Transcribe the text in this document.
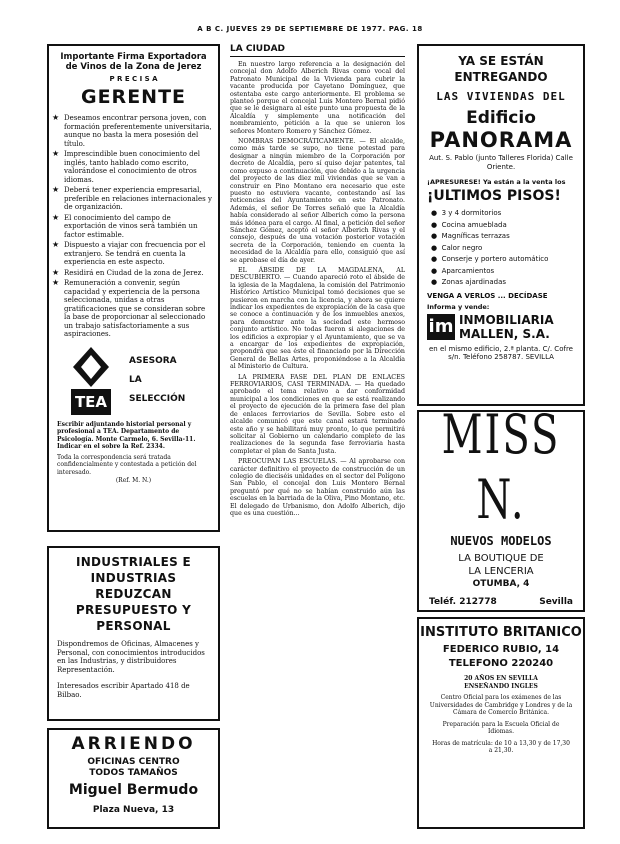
A B C. JUEVES 29 DE SEPTIEMBRE DE 1977. PAG. 18
Importante Firma Exportadora de Vinos de la Zona de Jerez
P R E C I S A
GERENTE
★ Deseamos encontrar persona joven, con formación preferentemente universitaria, aunque no basta la mera posesión del título.
★ Imprescindible buen conocimiento del inglés, tanto hablado como escrito, valorándose el conocimiento de otros idiomas.
★ Deberá tener experiencia empresarial, preferible en relaciones internacionales y de organización.
★ El conocimiento del campo de exportación de vinos será también un factor estimable.
★ Dispuesto a viajar con frecuencia por el extranjero. Se tendrá en cuenta la experiencia en este aspecto.
★ Residirá en Ciudad de la zona de Jerez.
★ Remuneración a convenir, según capacidad y experiencia de la persona seleccionada, unidas a otras gratificaciones que se consideran sobre la base de proporcionar al seleccionado un trabajo satisfactoriamente a sus aspiraciones.
TEA
ASESORA
LA
SELECCIÓN
Escribir adjuntando historial personal y profesional a TEA. Departamento de Psicología. Monte Carmelo, 6. Sevilla-11. Indicar en el sobre la Ref. 2334.
Toda la correspondencia será tratada confidencialmente y contestada a petición del interesado.
(Ref. M. N.)
INDUSTRIALES E INDUSTRIAS REDUZCAN PRESUPUESTO Y PERSONAL
Dispondremos de Oficinas, Almacenes y Personal, con conocimientos introducidos en las Industrias, y distribuidores Representación.
Interesados escribir Apartado 418 de Bilbao.
ARRIENDO
OFICINAS CENTRO TODOS TAMAÑOS
Miguel Bermudo
Plaza Nueva, 13
LA CIUDAD

En nuestro largo referencia a la designación del concejal don Adolfo Alberich Rivas como vocal del Patronato Municipal de la Vivienda para cubrir la vacante producida por Cayetano Domínguez, que ostentaba este cargo anteriormente. El problema se planteó porque el concejal Luis Montero Bernal pidió que se le designara al este punto una propuesta de la Alcaldía y simplemente una notificación del nombramiento, petición a la que se unieron los señores Montero Romero y Sánchez Gómez.

NOMBRAS DEMOCRÁTICAMENTE. — El alcalde, como más tarde se supo, no tiene potestad para designar a ningún miembro de la Corporación por decreto de Alcaldía, pero sí quiso dejar patentes, tal como expuso a continuación, que debido a la urgencia del proyecto de las diez mil viviendas que se van a construir en Pino Montano era necesario que este puesto no estuviera vacante, contestando así las reticencias del Ayuntamiento en este Patronato. Además, el señor De Torres señaló que la Alcaldía había considerado al señor Alberich como la persona más idónea para el cargo. Al final, a petición del señor Sánchez Gómez, aceptó el señor Alberich Rivas y el consejo, después de una votación posterior votación secreta de la Corporación, teniendo en cuenta la necesidad de la Alcaldía para ello, consiguió que así se aprobase el día de ayer.

EL ÁBSIDE DE LA MAGDALENA, AL DESCUBIERTO. — Cuando apareció roto el ábside de la iglesia de la Magdalena, la comisión del Patrimonio Histórico Artístico Municipal tomó decisiones que se pusieron en marcha con la licencia, y ahora se quiere indicar los expedientes de expropiación de la casa que se conoce a continuación y de los inmuebles anexos, para demostrar ante la sociedad este hermoso conjunto artístico. No todas fueron si alegaciones de los edificios a expropiar y el Ayuntamiento, que se va a encargar de los expedientes de expropiación, propondrá que sea éste el financiado por la Dirección General de Bellas Artes, proponiéndose a la Alcaldía al Ministerio de Cultura.

LA PRIMERA FASE DEL PLAN DE ENLACES FERROVIARIOS, CASI TERMINADA. — Ha quedado aprobado el tema relativo a dar conformidad municipal a los condiciones en que se está realizando el proyecto de ejecución de la primera fase del plan de enlaces ferroviarios de Sevilla. Sobre esto el alcalde comunicó que este canal estará terminado este año y se habilitará muy pronto, lo que permitirá solicitar al Gobierno un calendario completo de las realizaciones de la segunda fase ferroviaria hasta completar el plan de Santa Justa.

PREOCUPAN LAS ESCUELAS. — Al aprobarse con carácter definitivo el proyecto de construcción de un colegio de dieciséis unidades en el sector del Polígono San Pablo, el concejal don Luis Montero Bernal preguntó por qué no se habían construido aún las escuelas en la barriada de la Oliva, Pino Montano, etc. El delegado de Urbanismo, don Adolfo Alberich, dijo que es una cuestión...

YA SE ESTÁN
ENTREGANDO
LAS VIVIENDAS DEL
Edificio
PANORAMA
Aut. S. Pablo (junto Talleres Florida) Calle Oriente.
¡APRESURESE! Ya están a la venta los
¡ULTIMOS PISOS!
●  3 y 4 dormitorios
●  Cocina amueblada
●  Magníficas terrazas
●  Calor negro
●  Conserje y portero automático
●  Aparcamientos
●  Zonas ajardinadas
VENGA A VERLOS ... DECÍDASE
Informa y vende:
im INMOBILIARIA
MALLEN, S.A.
en el mismo edificio, 2.ª planta. C/. Cofre s/n. Teléfono 258787. SEVILLA
MISS N.
NUEVOS MODELOS
LA BOUTIQUE DE
LA LENCERIA
OTUMBA, 4
Teléf. 212778	Sevilla
INSTITUTO BRITANICO
FEDERICO RUBIO, 14
TELEFONO 220240
20 AÑOS EN SEVILLA ENSEÑANDO INGLES
Centro Oficial para los exámenes de las Universidades de Cambridge y Londres y de la Cámara de Comercio Británica.
Preparación para la Escuela Oficial de Idiomas.
Horas de matrícula: de 10 a 13,30 y de 17,30 a 21,30.
